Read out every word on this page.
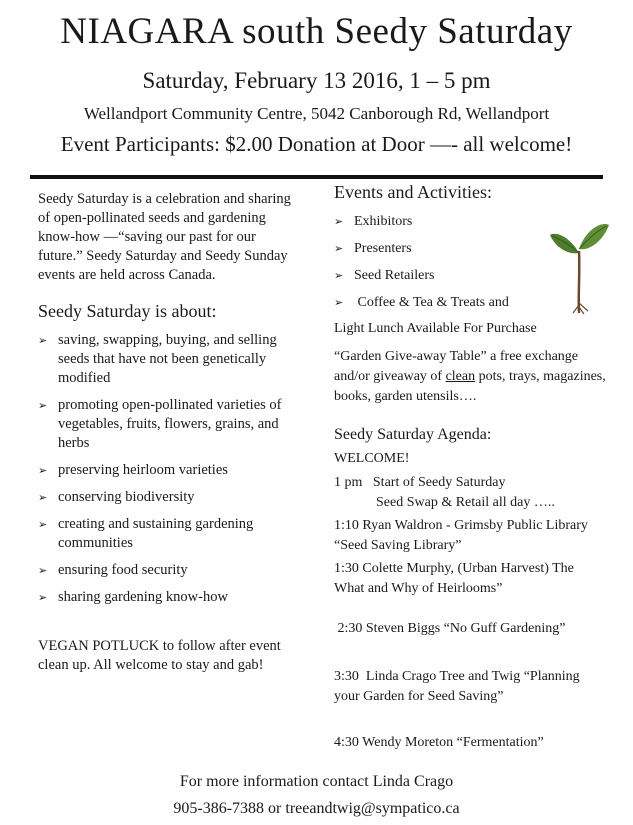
NIAGARA south Seedy Saturday
Saturday, February 13 2016, 1 – 5 pm
Wellandport Community Centre, 5042 Canborough Rd, Wellandport
Event Participants: $2.00 Donation at Door —- all welcome!

Seedy Saturday is a celebration and sharing of open-pollinated seeds and gardening know-how —“saving our past for our future.” Seedy Saturday and Seedy Sunday events are held across Canada.

Seedy Saturday is about:

➢ saving, swapping, buying, and selling seeds that have not been genetically modified
➢ promoting open-pollinated varieties of vegetables, fruits, flowers, grains, and herbs
➢ preserving heirloom varieties
➢ conserving biodiversity
➢ creating and sustaining gardening communities
➢ ensuring food security
➢ sharing gardening know-how

VEGAN POTLUCK to follow after event clean up. All welcome to stay and gab!

Events and Activities:

➢ Exhibitors
➢ Presenters
➢ Seed Retailers
➢ Coffee & Tea & Treats and

Light Lunch Available For Purchase

“Garden Give-away Table” a free exchange and/or giveaway of clean pots, trays, magazines, books, garden utensils….

Seedy Saturday Agenda:

WELCOME!

1 pm   Start of Seedy Saturday

Seed Swap & Retail all day …..

1:10 Ryan Waldron - Grimsby Public Library

“Seed Saving Library”

1:30 Colette Murphy, (Urban Harvest) The

What and Why of Heirlooms”

2:30 Steven Biggs “No Guff Gardening”

3:30  Linda Crago Tree and Twig “Planning

your Garden for Seed Saving”

4:30 Wendy Moreton “Fermentation”

For more information contact Linda Crago
905-386-7388 or treeandtwig@sympatico.ca
